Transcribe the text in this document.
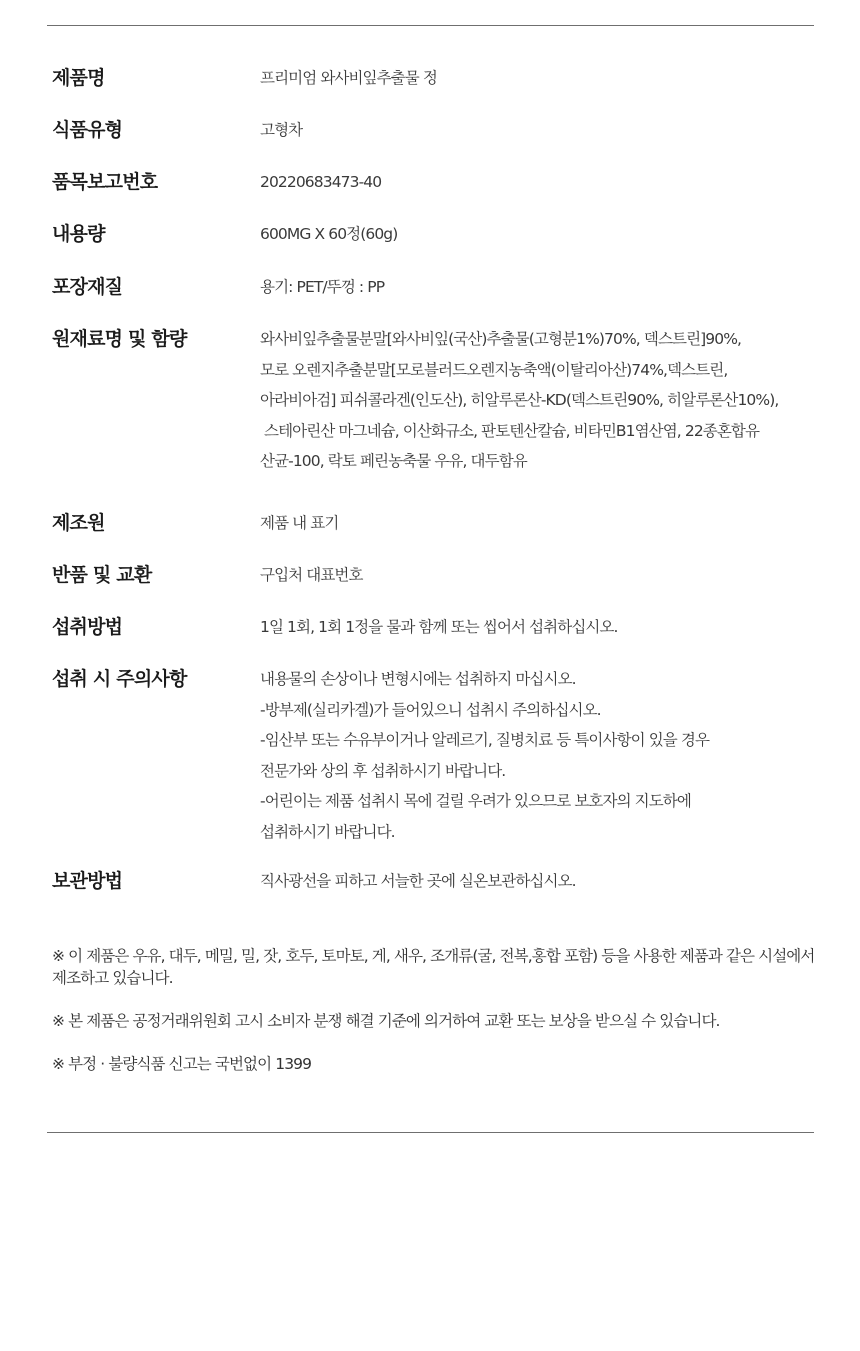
제품명	프리미엄 와사비잎추출물 정
식품유형	고형차
품목보고번호	20220683473-40
내용량	600MG X 60정(60g)
포장재질	용기: PET/뚜껑 : PP
원재료명 및 함량	와사비잎추출물분말[와사비잎(국산)추출물(고형분1%)70%, 덱스트린]90%,
모로 오렌지추출분말[모로블러드오렌지농축액(이탈리아산)74%,덱스트린,
아라비아검] 피쉬콜라겐(인도산), 히알루론산-KD(덱스트린90%, 히알루론산10%),
스테아린산 마그네슘, 이산화규소, 판토텐산칼슘, 비타민B1염산염, 22종혼합유
산균-100, 락토 페린농축물 우유, 대두함유
제조원	제품 내 표기
반품 및 교환	구입처 대표번호
섭취방법	1일 1회, 1회 1정을 물과 함께 또는 씹어서 섭취하십시오.
섭취 시 주의사항	내용물의 손상이나 변형시에는 섭취하지 마십시오.
-방부제(실리카겔)가 들어있으니 섭취시 주의하십시오.
-임산부 또는 수유부이거나 알레르기, 질병치료 등 특이사항이 있을 경우
전문가와 상의 후 섭취하시기 바랍니다.
-어린이는 제품 섭취시 목에 걸릴 우려가 있으므로 보호자의 지도하에
섭취하시기 바랍니다.
보관방법	직사광선을 피하고 서늘한 곳에 실온보관하십시오.
※ 이 제품은 우유, 대두, 메밀, 밀, 잣, 호두, 토마토, 게, 새우, 조개류(굴, 전복,홍합 포함) 등을 사용한 제품과 같은 시설에서 제조하고 있습니다.
※ 본 제품은 공정거래위원회 고시 소비자 분쟁 해결 기준에 의거하여 교환 또는 보상을 받으실 수 있습니다.
※ 부정 · 불량식품 신고는 국번없이 1399
